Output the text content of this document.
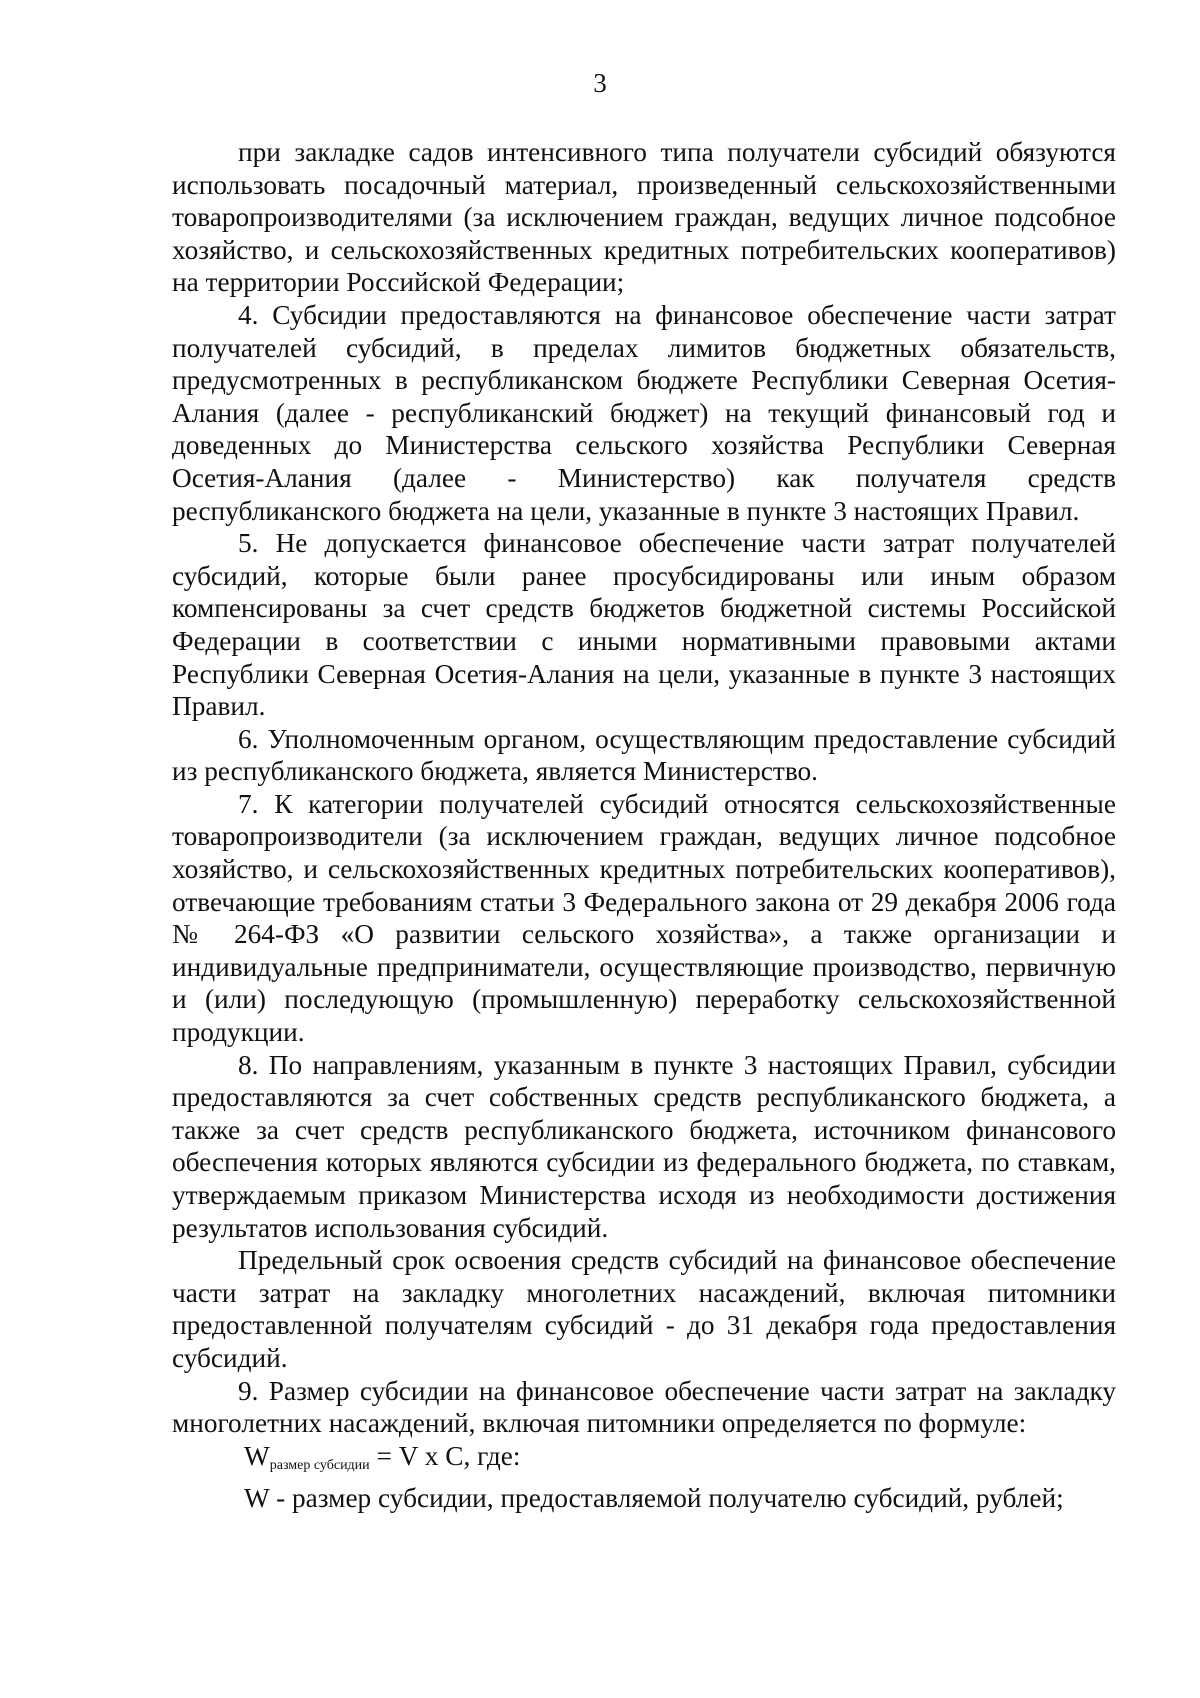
3

при закладке садов интенсивного типа получатели субсидий обязуются использовать посадочный материал, произведенный сельскохозяйственными товаропроизводителями (за исключением граждан, ведущих личное подсобное хозяйство, и сельскохозяйственных кредитных потребительских кооперативов) на территории Российской Федерации;

4. Субсидии предоставляются на финансовое обеспечение части затрат получателей субсидий, в пределах лимитов бюджетных обязательств, предусмотренных в республиканском бюджете Республики Северная Осетия-Алания (далее - республиканский бюджет) на текущий финансовый год и доведенных до Министерства сельского хозяйства Республики Северная Осетия-Алания (далее - Министерство) как получателя средств республиканского бюджета на цели, указанные в пункте 3 настоящих Правил.

5. Не допускается финансовое обеспечение части затрат получателей субсидий, которые были ранее просубсидированы или иным образом компенсированы за счет средств бюджетов бюджетной системы Российской Федерации в соответствии с иными нормативными правовыми актами Республики Северная Осетия-Алания на цели, указанные в пункте 3 настоящих Правил.

6. Уполномоченным органом, осуществляющим предоставление субсидий из республиканского бюджета, является Министерство.

7. К категории получателей субсидий относятся сельскохозяйственные товаропроизводители (за исключением граждан, ведущих личное подсобное хозяйство, и сельскохозяйственных кредитных потребительских кооперативов), отвечающие требованиям статьи 3 Федерального закона от 29 декабря 2006 года № 264-ФЗ «О развитии сельского хозяйства», а также организации и индивидуальные предприниматели, осуществляющие производство, первичную и (или) последующую (промышленную) переработку сельскохозяйственной продукции.

8. По направлениям, указанным в пункте 3 настоящих Правил, субсидии предоставляются за счет собственных средств республиканского бюджета, а также за счет средств республиканского бюджета, источником финансового обеспечения которых являются субсидии из федерального бюджета, по ставкам, утверждаемым приказом Министерства исходя из необходимости достижения результатов использования субсидий.

Предельный срок освоения средств субсидий на финансовое обеспечение части затрат на закладку многолетних насаждений, включая питомники предоставленной получателям субсидий - до 31 декабря года предоставления субсидий.

9. Размер субсидии на финансовое обеспечение части затрат на закладку многолетних насаждений, включая питомники определяется по формуле:

$W_{размер субсидии} = V$ x С, где:

W - размер субсидии, предоставляемой получателю субсидий, рублей;
